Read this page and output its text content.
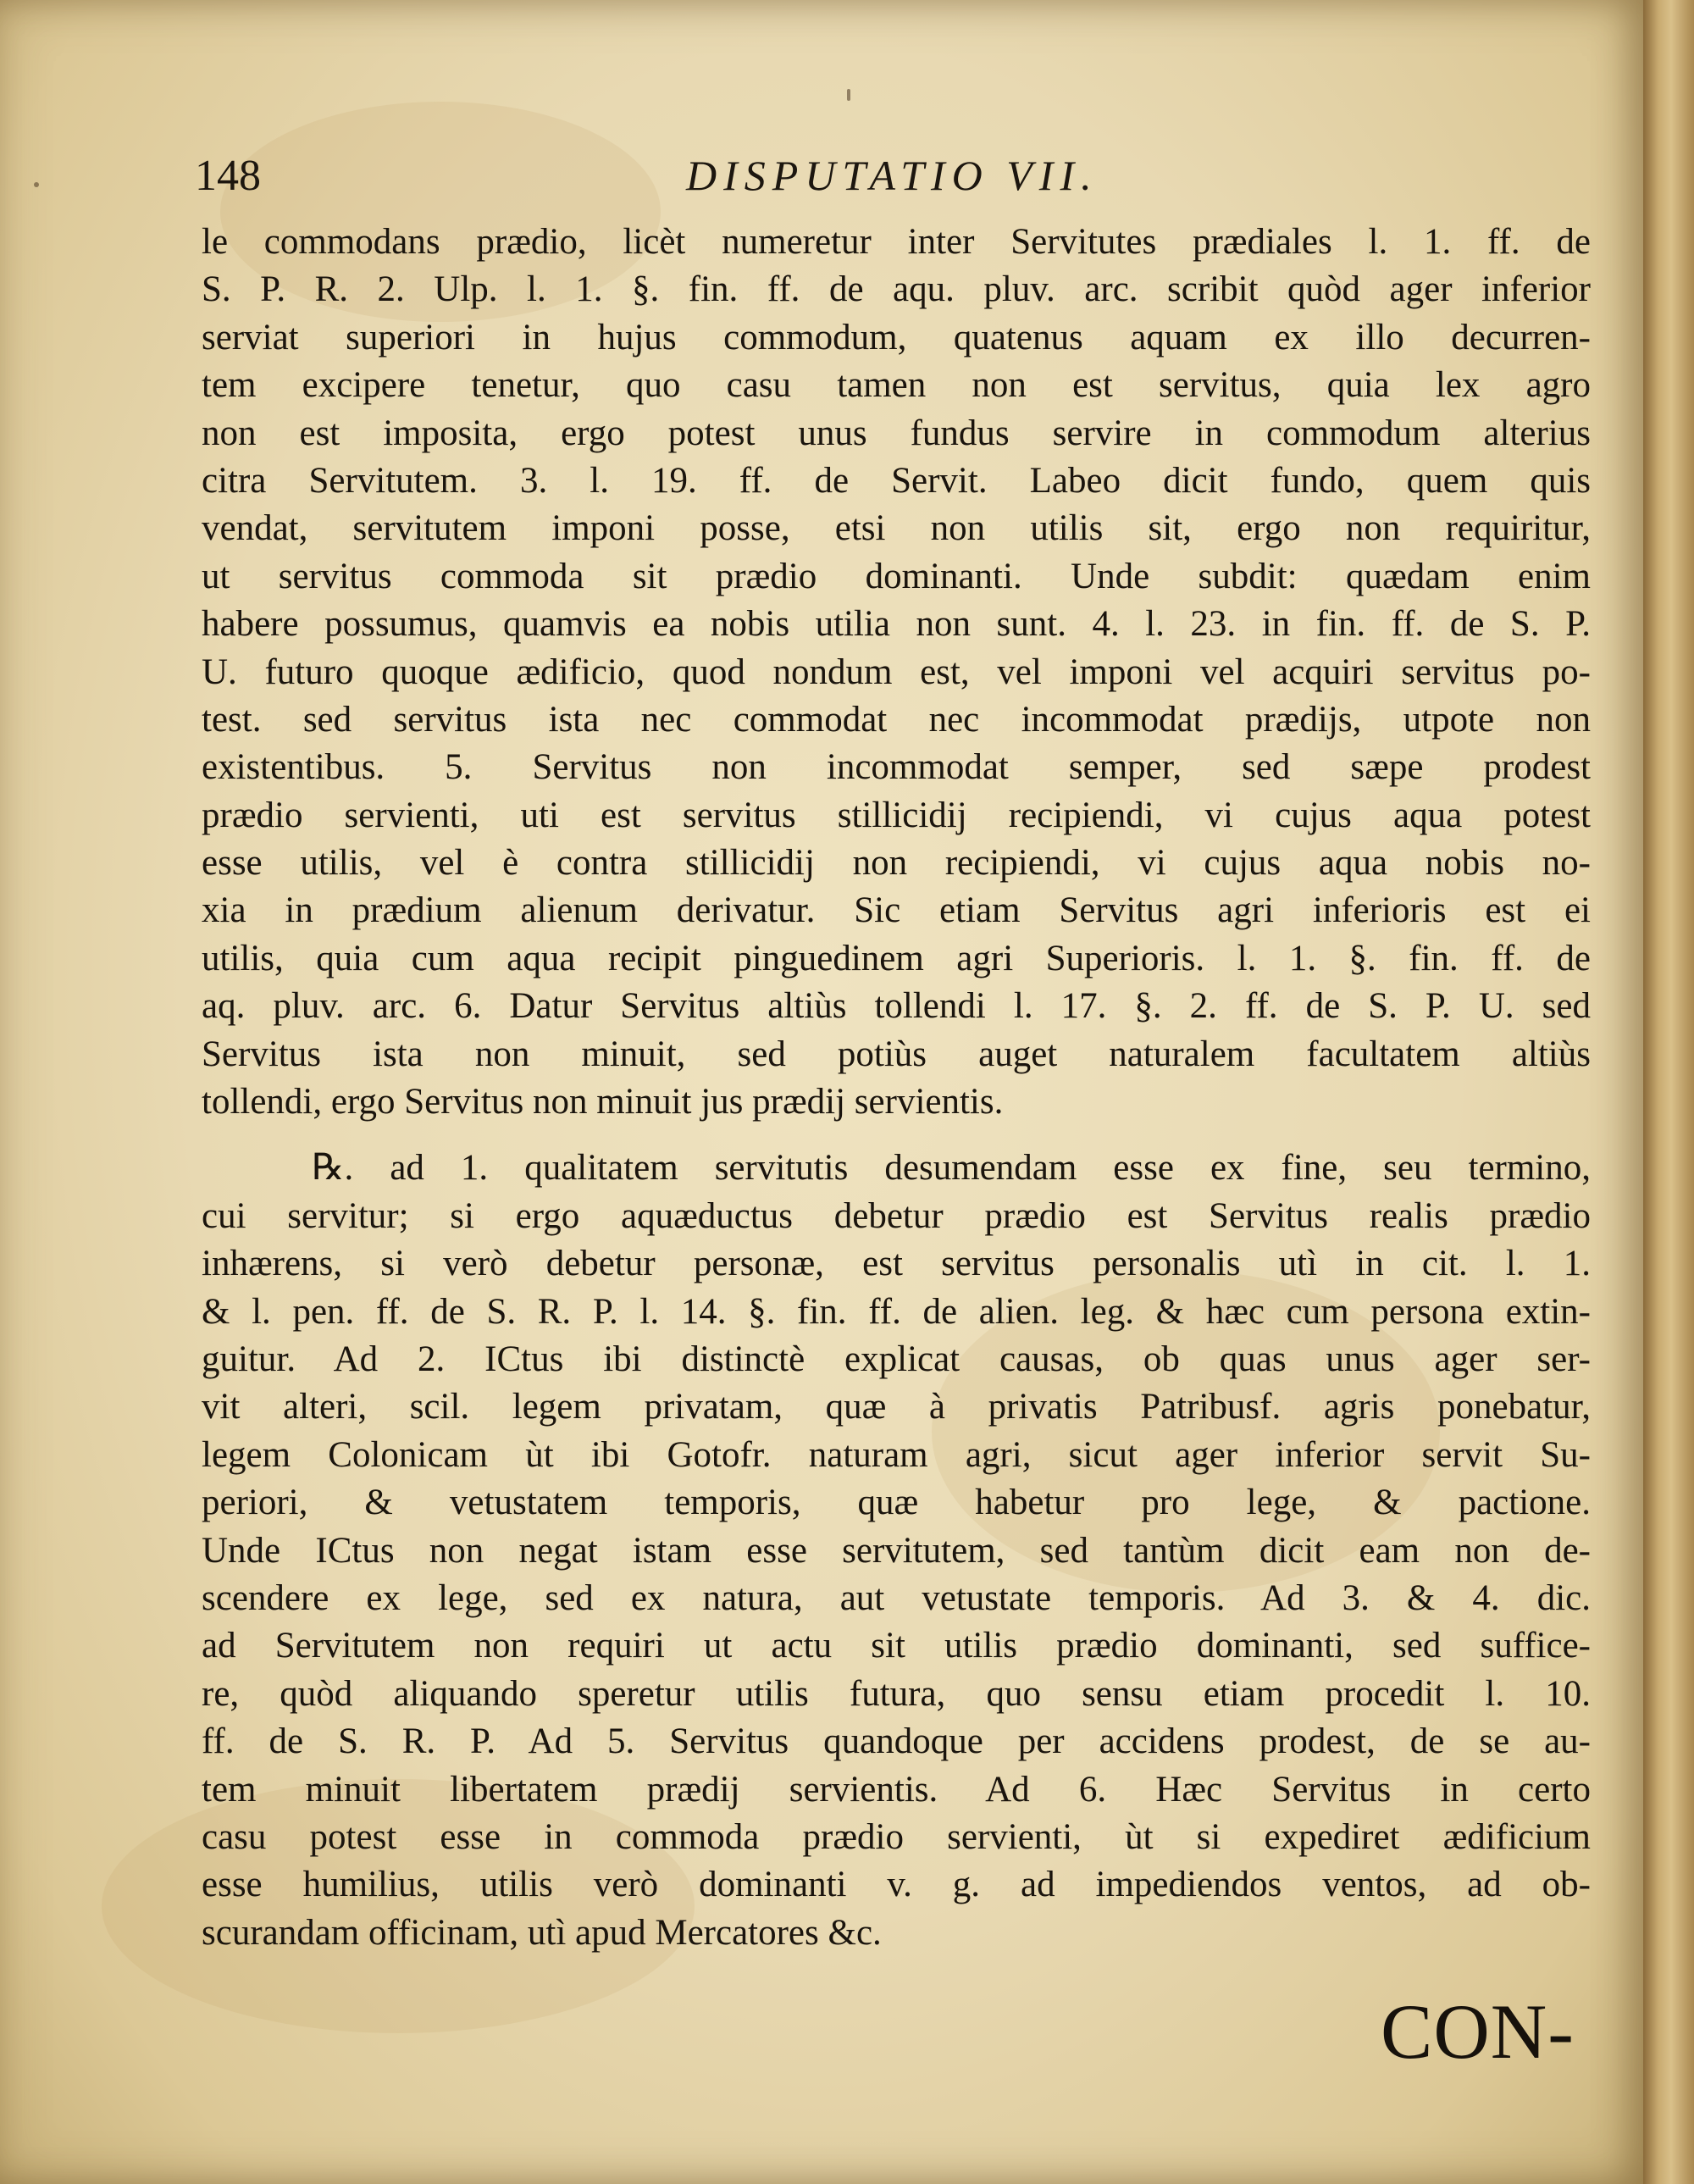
148	DISPUTATIO VII.
le commodans prædio, licèt numeretur inter Servitutes prædiales l. 1. ff. de
S. P. R. 2. Ulp. l. 1. §. fin. ff. de aqu. pluv. arc. scribit quòd ager inferior
serviat superiori in hujus commodum, quatenus aquam ex illo decurren-
tem excipere tenetur, quo casu tamen non est servitus, quia lex agro
non est imposita, ergo potest unus fundus servire in commodum alterius
citra Servitutem. 3. l. 19. ff. de Servit. Labeo dicit fundo, quem quis
vendat, servitutem imponi posse, etsi non utilis sit, ergo non requiritur,
ut servitus commoda sit prædio dominanti. Unde subdit: quædam enim
habere possumus, quamvis ea nobis utilia non sunt. 4. l. 23. in fin. ff. de S. P.
U. futuro quoque ædificio, quod nondum est, vel imponi vel acquiri servitus po-
test. sed servitus ista nec commodat nec incommodat prædijs, utpote non
existentibus. 5. Servitus non incommodat semper, sed sæpe prodest
prædio servienti, uti est servitus stillicidij recipiendi, vi cujus aqua potest
esse utilis, vel è contra stillicidij non recipiendi, vi cujus aqua nobis no-
xia in prædium alienum derivatur. Sic etiam Servitus agri inferioris est ei
utilis, quia cum aqua recipit pinguedinem agri Superioris. l. 1. §. fin. ff. de
aq. pluv. arc. 6. Datur Servitus altiùs tollendi l. 17. §. 2. ff. de S. P. U. sed
Servitus ista non minuit, sed potiùs auget naturalem facultatem altiùs
tollendi, ergo Servitus non minuit jus prædij servientis.
℞. ad 1. qualitatem servitutis desumendam esse ex fine, seu termino,
cui servitur; si ergo aquæductus debetur prædio est Servitus realis prædio
inhærens, si verò debetur personæ, est servitus personalis utì in cit. l. 1.
& l. pen. ff. de S. R. P. l. 14. §. fin. ff. de alien. leg. & hæc cum persona extin-
guitur. Ad 2. ICtus ibi distinctè explicat causas, ob quas unus ager ser-
vit alteri, scil. legem privatam, quæ à privatis Patribusf. agris ponebatur,
legem Colonicam ùt ibi Gotofr. naturam agri, sicut ager inferior servit Su-
periori, & vetustatem temporis, quæ habetur pro lege, & pactione.
Unde ICtus non negat istam esse servitutem, sed tantùm dicit eam non de-
scendere ex lege, sed ex natura, aut vetustate temporis. Ad 3. & 4. dic.
ad Servitutem non requiri ut actu sit utilis prædio dominanti, sed suffice-
re, quòd aliquando speretur utilis futura, quo sensu etiam procedit l. 10.
ff. de S. R. P. Ad 5. Servitus quandoque per accidens prodest, de se au-
tem minuit libertatem prædij servientis. Ad 6. Hæc Servitus in certo
casu potest esse in commoda prædio servienti, ùt si expediret ædificium
esse humilius, utilis verò dominanti v. g. ad impediendos ventos, ad ob-
scurandam officinam, utì apud Mercatores &c.
CON-
